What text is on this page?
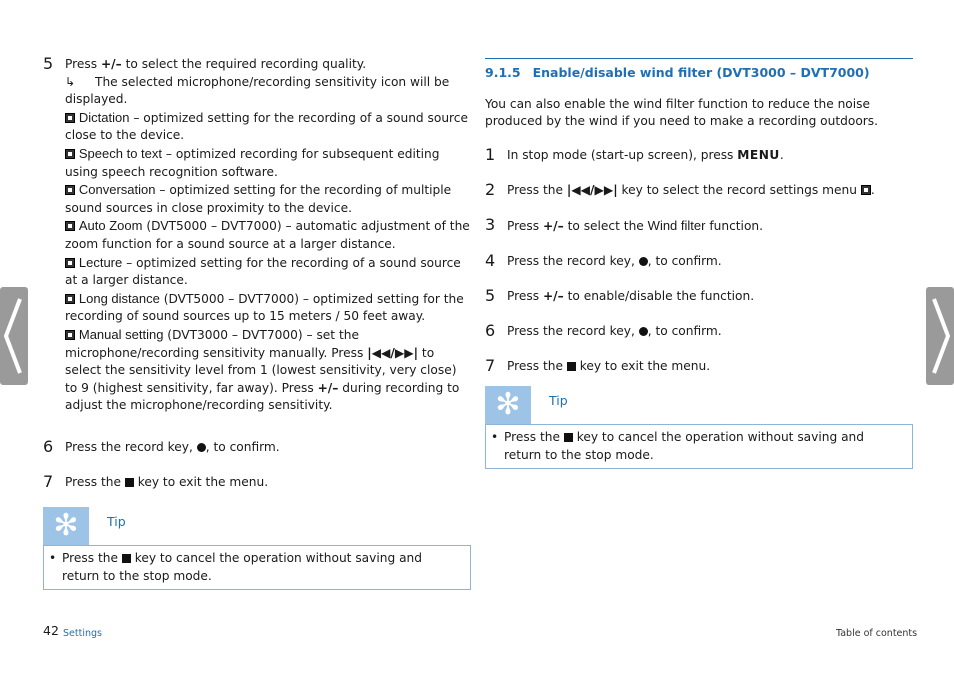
5 Press +/– to select the required recording quality.
↳ The selected microphone/recording sensitivity icon will be displayed.
Dictation – optimized setting for the recording of a sound source close to the device.
Speech to text – optimized recording for subsequent editing using speech recognition software.
Conversation – optimized setting for the recording of multiple sound sources in close proximity to the device.
Auto Zoom (DVT5000 – DVT7000) – automatic adjustment of the zoom function for a sound source at a larger distance.
Lecture – optimized setting for the recording of a sound source at a larger distance.
Long distance (DVT5000 – DVT7000) – optimized setting for the recording of sound sources up to 15 meters / 50 feet away.
Manual setting (DVT3000 – DVT7000) – set the microphone/recording sensitivity manually. Press |◀◀/▶▶| to select the sensitivity level from 1 (lowest sensitivity, very close) to 9 (highest sensitivity, far away). Press +/– during recording to adjust the microphone/recording sensitivity.

6 Press the record key, , to confirm.

7 Press the  key to exit the menu.

✻	Tip
• Press the  key to cancel the operation without saving and return to the stop mode.
9.1.5 Enable/disable wind filter (DVT3000 – DVT7000)

You can also enable the wind filter function to reduce the noise produced by the wind if you need to make a recording outdoors.

1 In stop mode (start-up screen), press MENU.

2 Press the |◀◀/▶▶| key to select the record settings menu .

3 Press +/– to select the Wind filter function.

4 Press the record key, , to confirm.

5 Press +/– to enable/disable the function.

6 Press the record key, , to confirm.

7 Press the  key to exit the menu.

✻	Tip
• Press the  key to cancel the operation without saving and return to the stop mode.
42 Settings	Table of contents
